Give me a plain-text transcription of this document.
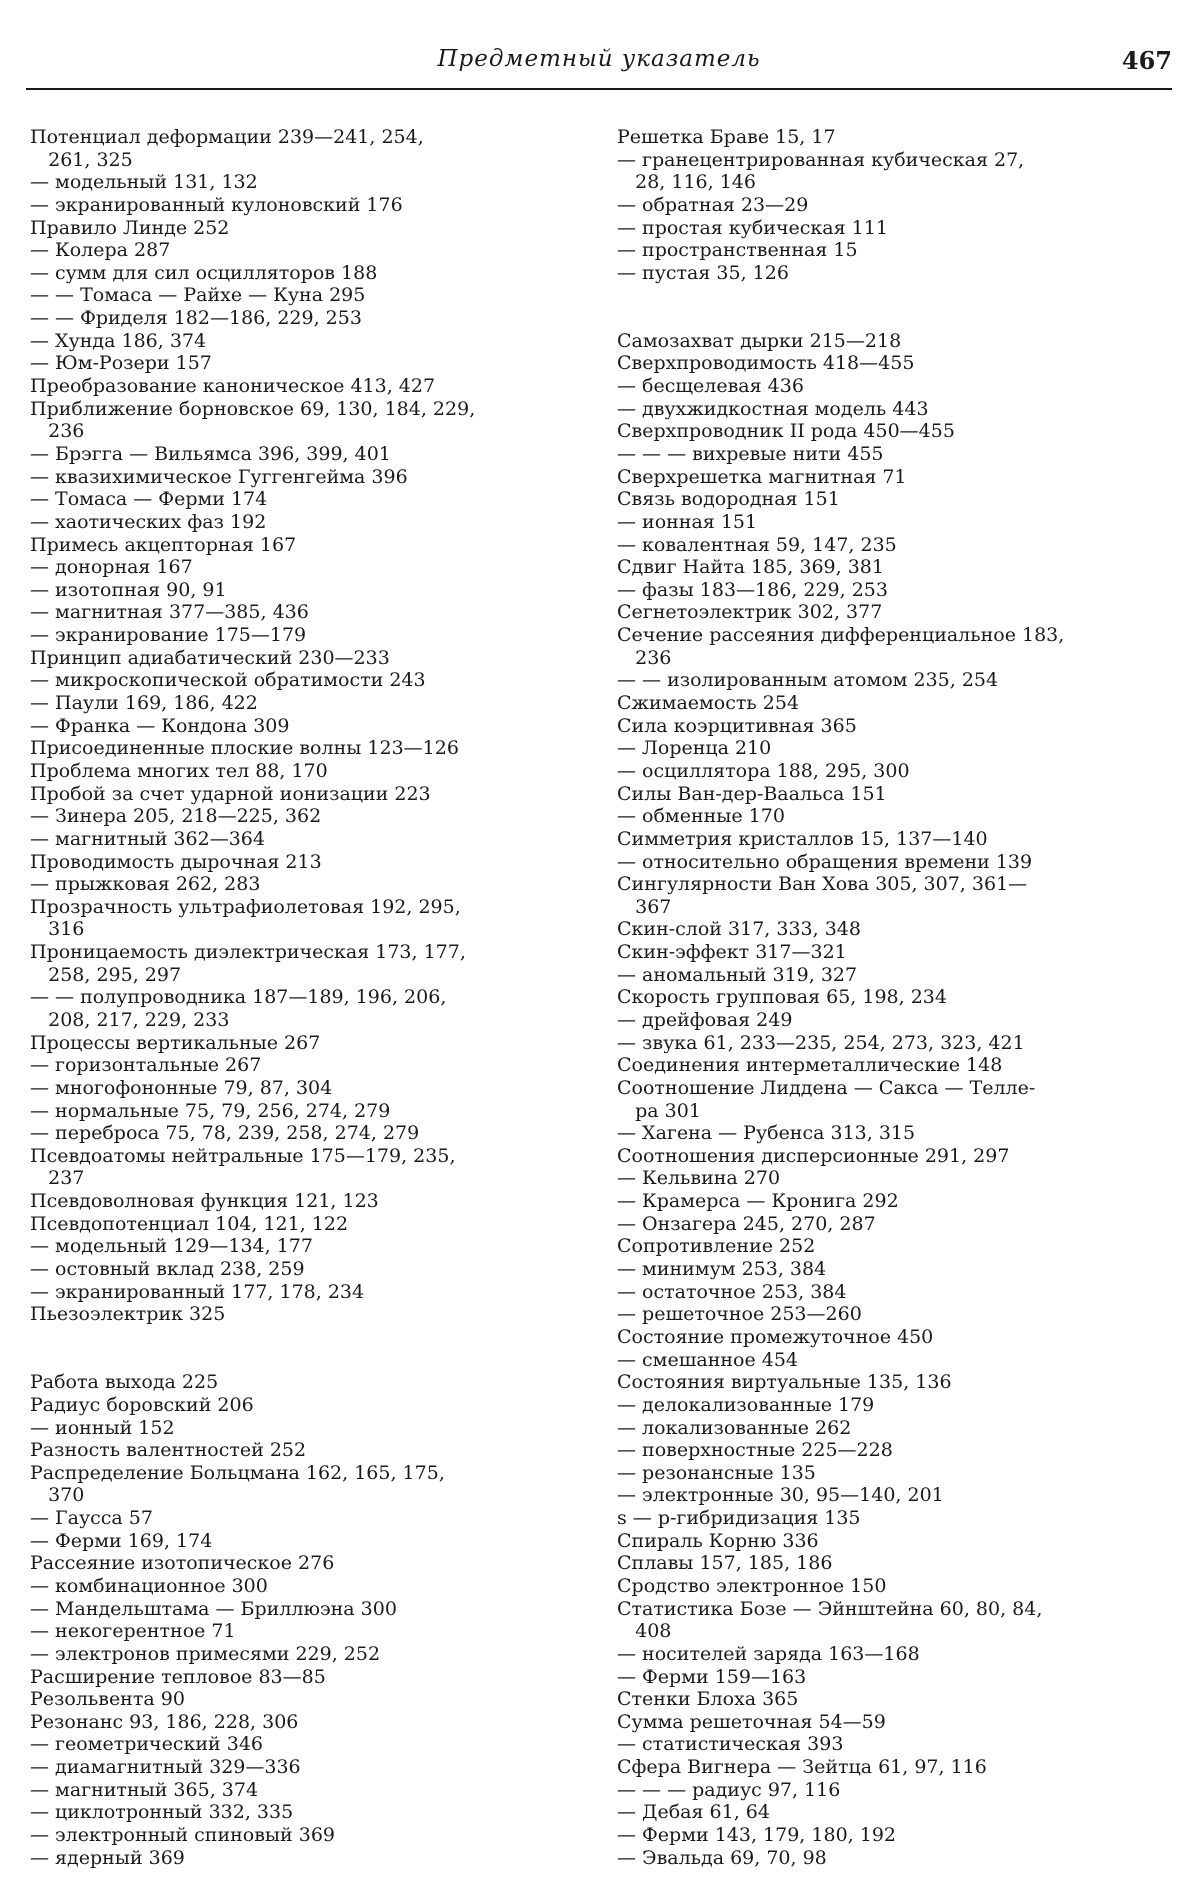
Предметный указатель	467
Потенциал деформации 239—241, 254,
261, 325
— модельный 131, 132
— экранированный кулоновский 176
Правило Линде 252
— Колера 287
— сумм для сил осцилляторов 188
— — Томаса — Райхе — Куна 295
— — Фриделя 182—186, 229, 253
— Хунда 186, 374
— Юм-Розери 157
Преобразование каноническое 413, 427
Приближение борновское 69, 130, 184, 229,
236
— Брэгга — Вильямса 396, 399, 401
— квазихимическое Гуггенгейма 396
— Томаса — Ферми 174
— хаотических фаз 192
Примесь акцепторная 167
— донорная 167
— изотопная 90, 91
— магнитная 377—385, 436
— экранирование 175—179
Принцип адиабатический 230—233
— микроскопической обратимости 243
— Паули 169, 186, 422
— Франка — Кондона 309
Присоединенные плоские волны 123—126
Проблема многих тел 88, 170
Пробой за счет ударной ионизации 223
— Зинера 205, 218—225, 362
— магнитный 362—364
Проводимость дырочная 213
— прыжковая 262, 283
Прозрачность ультрафиолетовая 192, 295,
316
Проницаемость диэлектрическая 173, 177,
258, 295, 297
— — полупроводника 187—189, 196, 206,
208, 217, 229, 233
Процессы вертикальные 267
— горизонтальные 267
— многофононные 79, 87, 304
— нормальные 75, 79, 256, 274, 279
— переброса 75, 78, 239, 258, 274, 279
Псевдоатомы нейтральные 175—179, 235,
237
Псевдоволновая функция 121, 123
Псевдопотенциал 104, 121, 122
— модельный 129—134, 177
— остовный вклад 238, 259
— экранированный 177, 178, 234
Пьезоэлектрик 325
Работа выхода 225
Радиус боровский 206
— ионный 152
Разность валентностей 252
Распределение Больцмана 162, 165, 175,
370
— Гаусса 57
— Ферми 169, 174
Рассеяние изотопическое 276
— комбинационное 300
— Мандельштама — Бриллюэна 300
— некогерентное 71
— электронов примесями 229, 252
Расширение тепловое 83—85
Резольвента 90
Резонанс 93, 186, 228, 306
— геометрический 346
— диамагнитный 329—336
— магнитный 365, 374
— циклотронный 332, 335
— электронный спиновый 369
— ядерный 369
Решетка Браве 15, 17
— гранецентрированная кубическая 27,
28, 116, 146
— обратная 23—29
— простая кубическая 111
— пространственная 15
— пустая 35, 126
Самозахват дырки 215—218
Сверхпроводимость 418—455
— бесщелевая 436
— двухжидкостная модель 443
Сверхпроводник II рода 450—455
— — — вихревые нити 455
Сверхрешетка магнитная 71
Связь водородная 151
— ионная 151
— ковалентная 59, 147, 235
Сдвиг Найта 185, 369, 381
— фазы 183—186, 229, 253
Сегнетоэлектрик 302, 377
Сечение рассеяния дифференциальное 183,
236
— — изолированным атомом 235, 254
Сжимаемость 254
Сила коэрцитивная 365
— Лоренца 210
— осциллятора 188, 295, 300
Силы Ван-дер-Ваальса 151
— обменные 170
Симметрия кристаллов 15, 137—140
— относительно обращения времени 139
Сингулярности Ван Хова 305, 307, 361—
367
Скин-слой 317, 333, 348
Скин-эффект 317—321
— аномальный 319, 327
Скорость групповая 65, 198, 234
— дрейфовая 249
— звука 61, 233—235, 254, 273, 323, 421
Соединения интерметаллические 148
Соотношение Лиддена — Сакса — Телле-
ра 301
— Хагена — Рубенса 313, 315
Соотношения дисперсионные 291, 297
— Кельвина 270
— Крамерса — Кронига 292
— Онзагера 245, 270, 287
Сопротивление 252
— минимум 253, 384
— остаточное 253, 384
— решеточное 253—260
Состояние промежуточное 450
— смешанное 454
Состояния виртуальные 135, 136
— делокализованные 179
— локализованные 262
— поверхностные 225—228
— резонансные 135
— электронные 30, 95—140, 201
s — p-гибридизация 135
Спираль Корню 336
Сплавы 157, 185, 186
Сродство электронное 150
Статистика Бозе — Эйнштейна 60, 80, 84,
408
— носителей заряда 163—168
— Ферми 159—163
Стенки Блоха 365
Сумма решеточная 54—59
— статистическая 393
Сфера Вигнера — Зейтца 61, 97, 116
— — — радиус 97, 116
— Дебая 61, 64
— Ферми 143, 179, 180, 192
— Эвальда 69, 70, 98
